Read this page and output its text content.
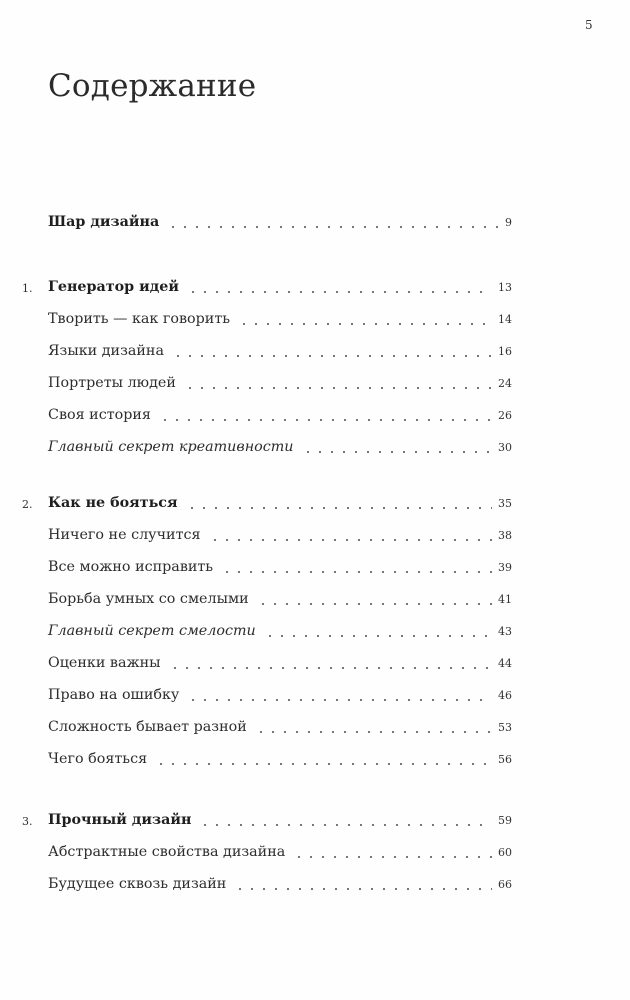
5
Содержание
Шар дизайна	9
1. Генератор идей	13
Творить — как говорить	14
Языки дизайна	16
Портреты людей	24
Своя история	26
Главный секрет креативности	30
2. Как не бояться	35
Ничего не случится	38
Все можно исправить	39
Борьба умных со смелыми	41
Главный секрет смелости	43
Оценки важны	44
Право на ошибку	46
Сложность бывает разной	53
Чего бояться	56
3. Прочный дизайн	59
Абстрактные свойства дизайна	60
Будущее сквозь дизайн	66
